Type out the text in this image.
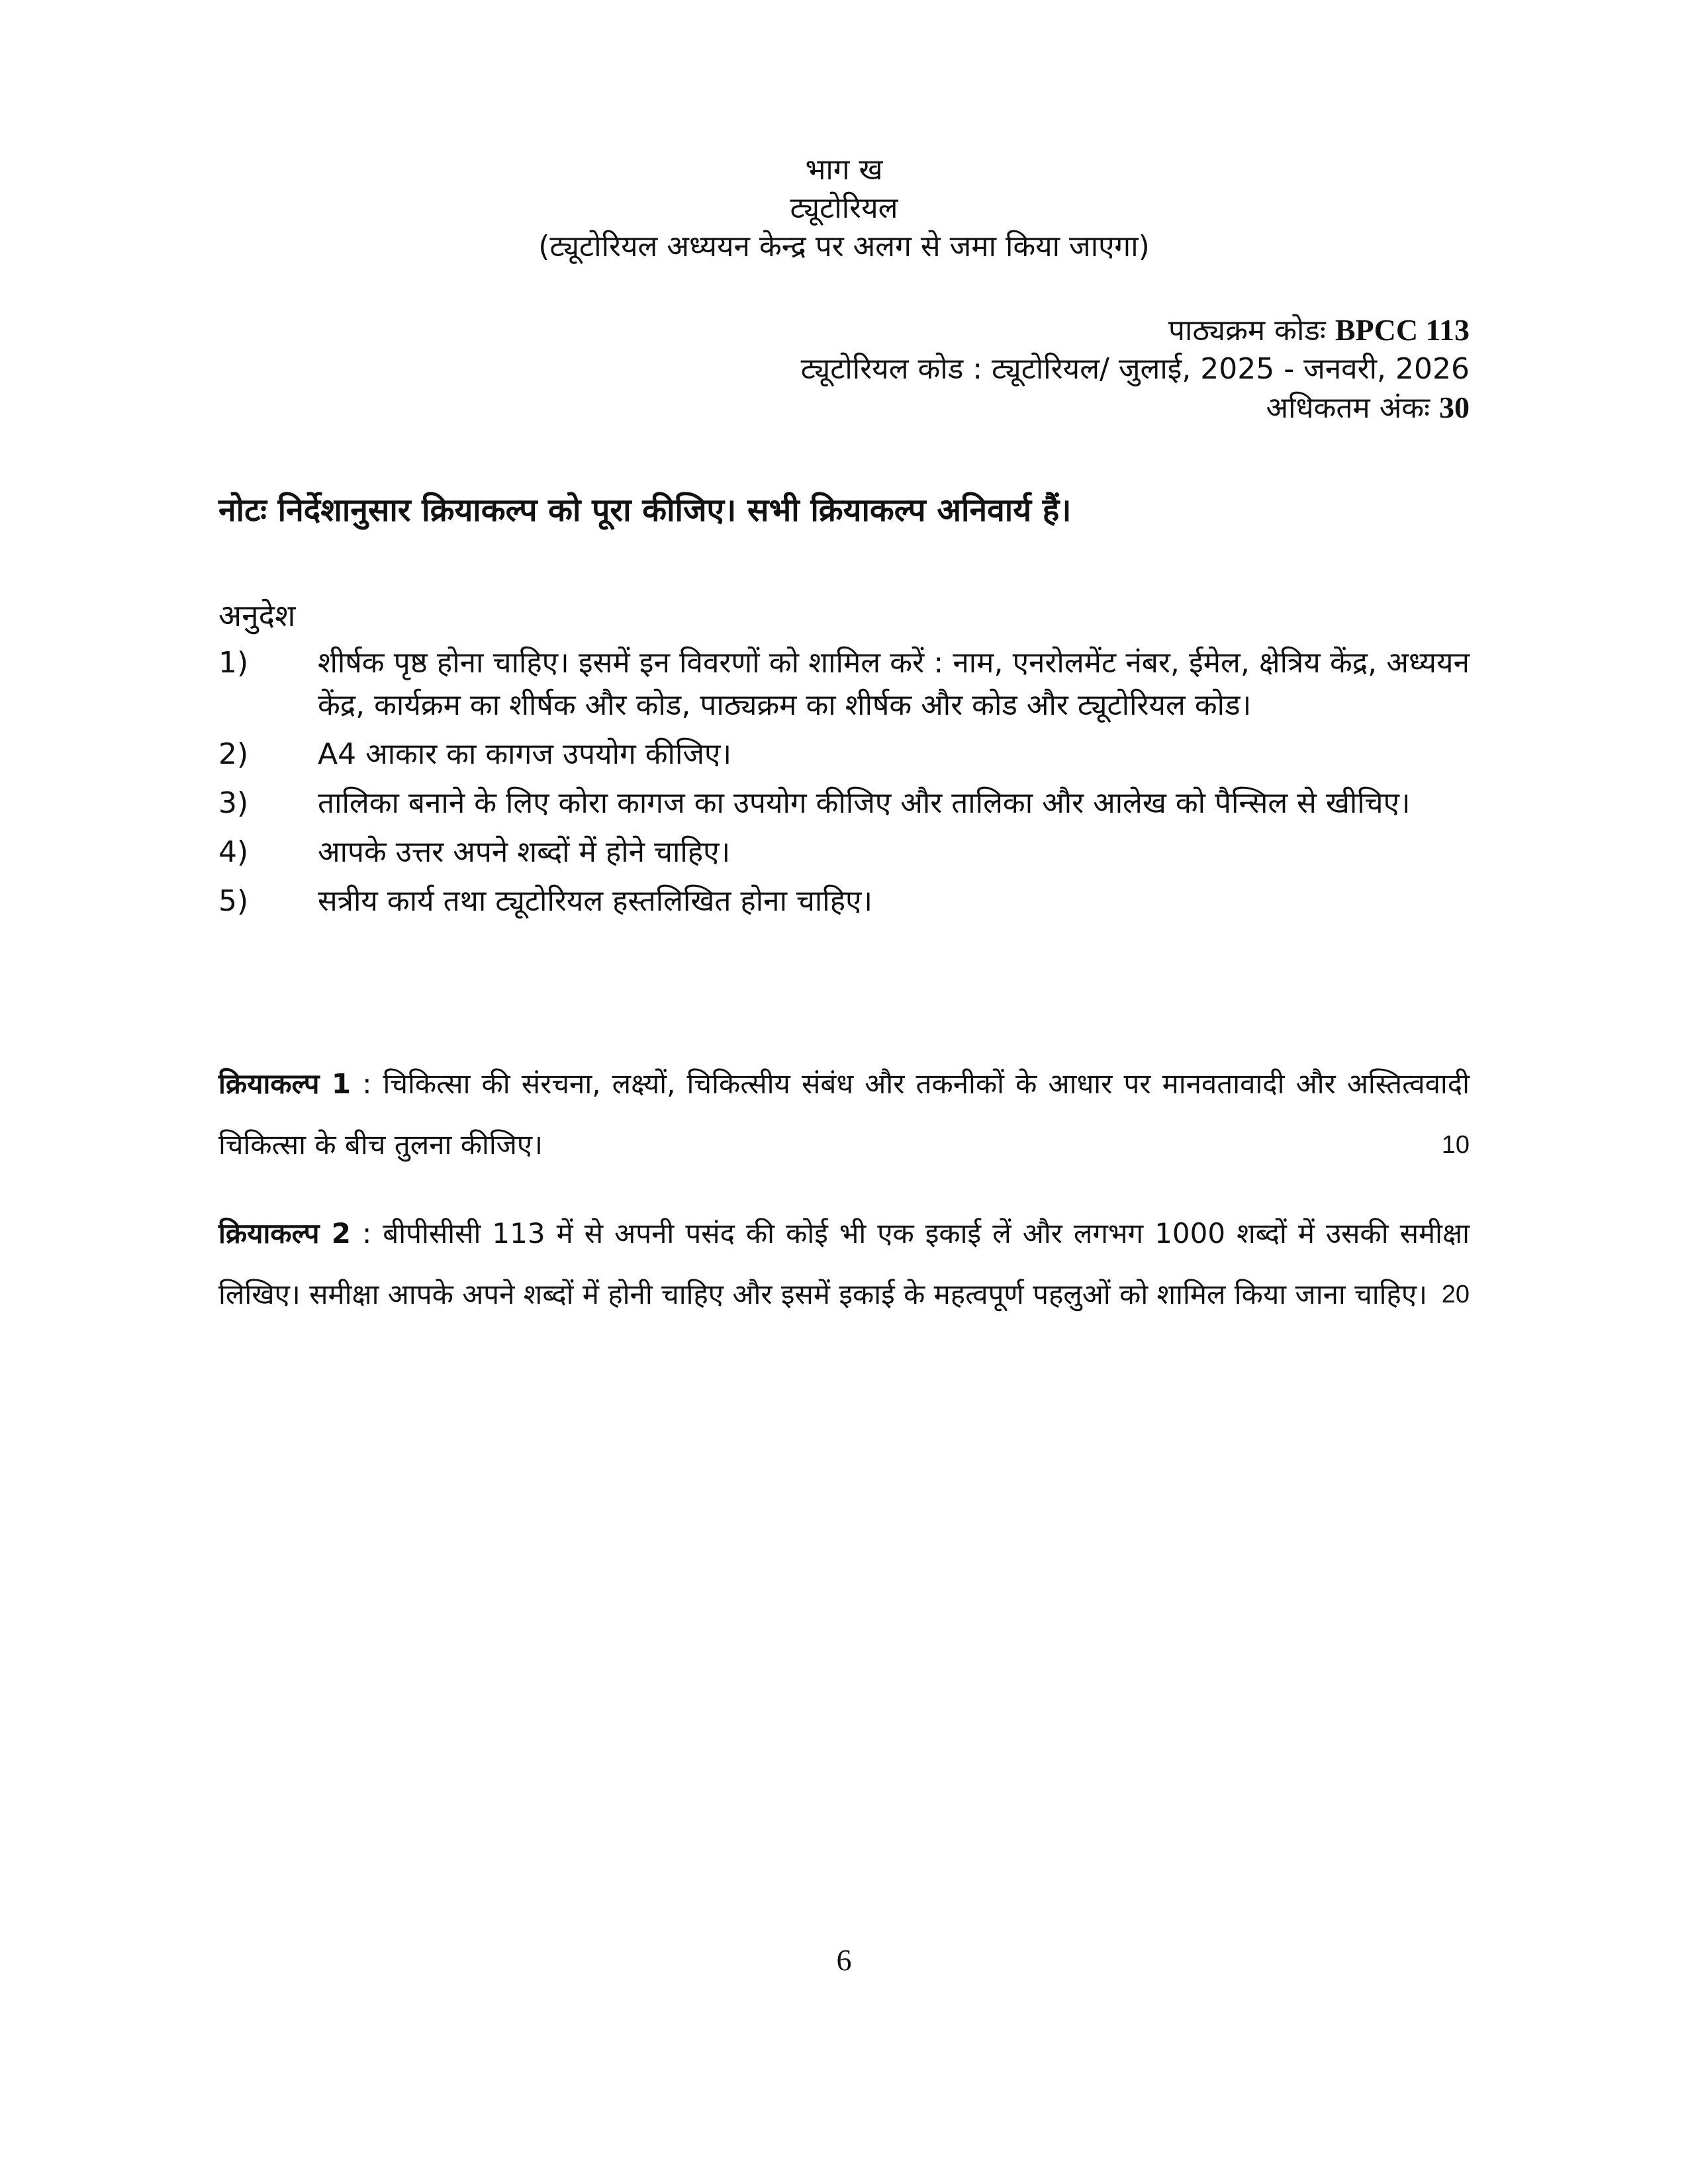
भाग ख
ट्यूटोरियल
(ट्यूटोरियल अध्ययन केन्द्र पर अलग से जमा किया जाएगा)
पाठ्यक्रम कोडः BPCC 113
ट्यूटोरियल कोड : ट्यूटोरियल/ जुलाई, 2025 - जनवरी, 2026
अधिकतम अंकः 30
नोटः निर्देशानुसार क्रियाकल्प को पूरा कीजिए। सभी क्रियाकल्प अनिवार्य हैं।
अनुदेश
1)	शीर्षक पृष्ठ होना चाहिए। इसमें इन विवरणों को शामिल करें : नाम, एनरोलमेंट नंबर, ईमेल, क्षेत्रिय केंद्र, अध्ययन केंद्र, कार्यक्रम का शीर्षक और कोड, पाठ्यक्रम का शीर्षक और कोड और ट्यूटोरियल कोड।
2)	A4 आकार का कागज उपयोग कीजिए।
3)	तालिका बनाने के लिए कोरा कागज का उपयोग कीजिए और तालिका और आलेख को पैन्सिल से खीचिए।
4)	आपके उत्तर अपने शब्दों में होने चाहिए।
5)	सत्रीय कार्य तथा ट्यूटोरियल हस्तलिखित होना चाहिए।
क्रियाकल्प 1 : चिकित्सा की संरचना, लक्ष्यों, चिकित्सीय संबंध और तकनीकों के आधार पर मानवतावादी और अस्तित्ववादी चिकित्सा के बीच तुलना कीजिए।	10
क्रियाकल्प 2 : बीपीसीसी 113 में से अपनी पसंद की कोई भी एक इकाई लें और लगभग 1000 शब्दों में उसकी समीक्षा लिखिए। समीक्षा आपके अपने शब्दों में होनी चाहिए और इसमें इकाई के महत्वपूर्ण पहलुओं को शामिल किया जाना चाहिए। 20
6
